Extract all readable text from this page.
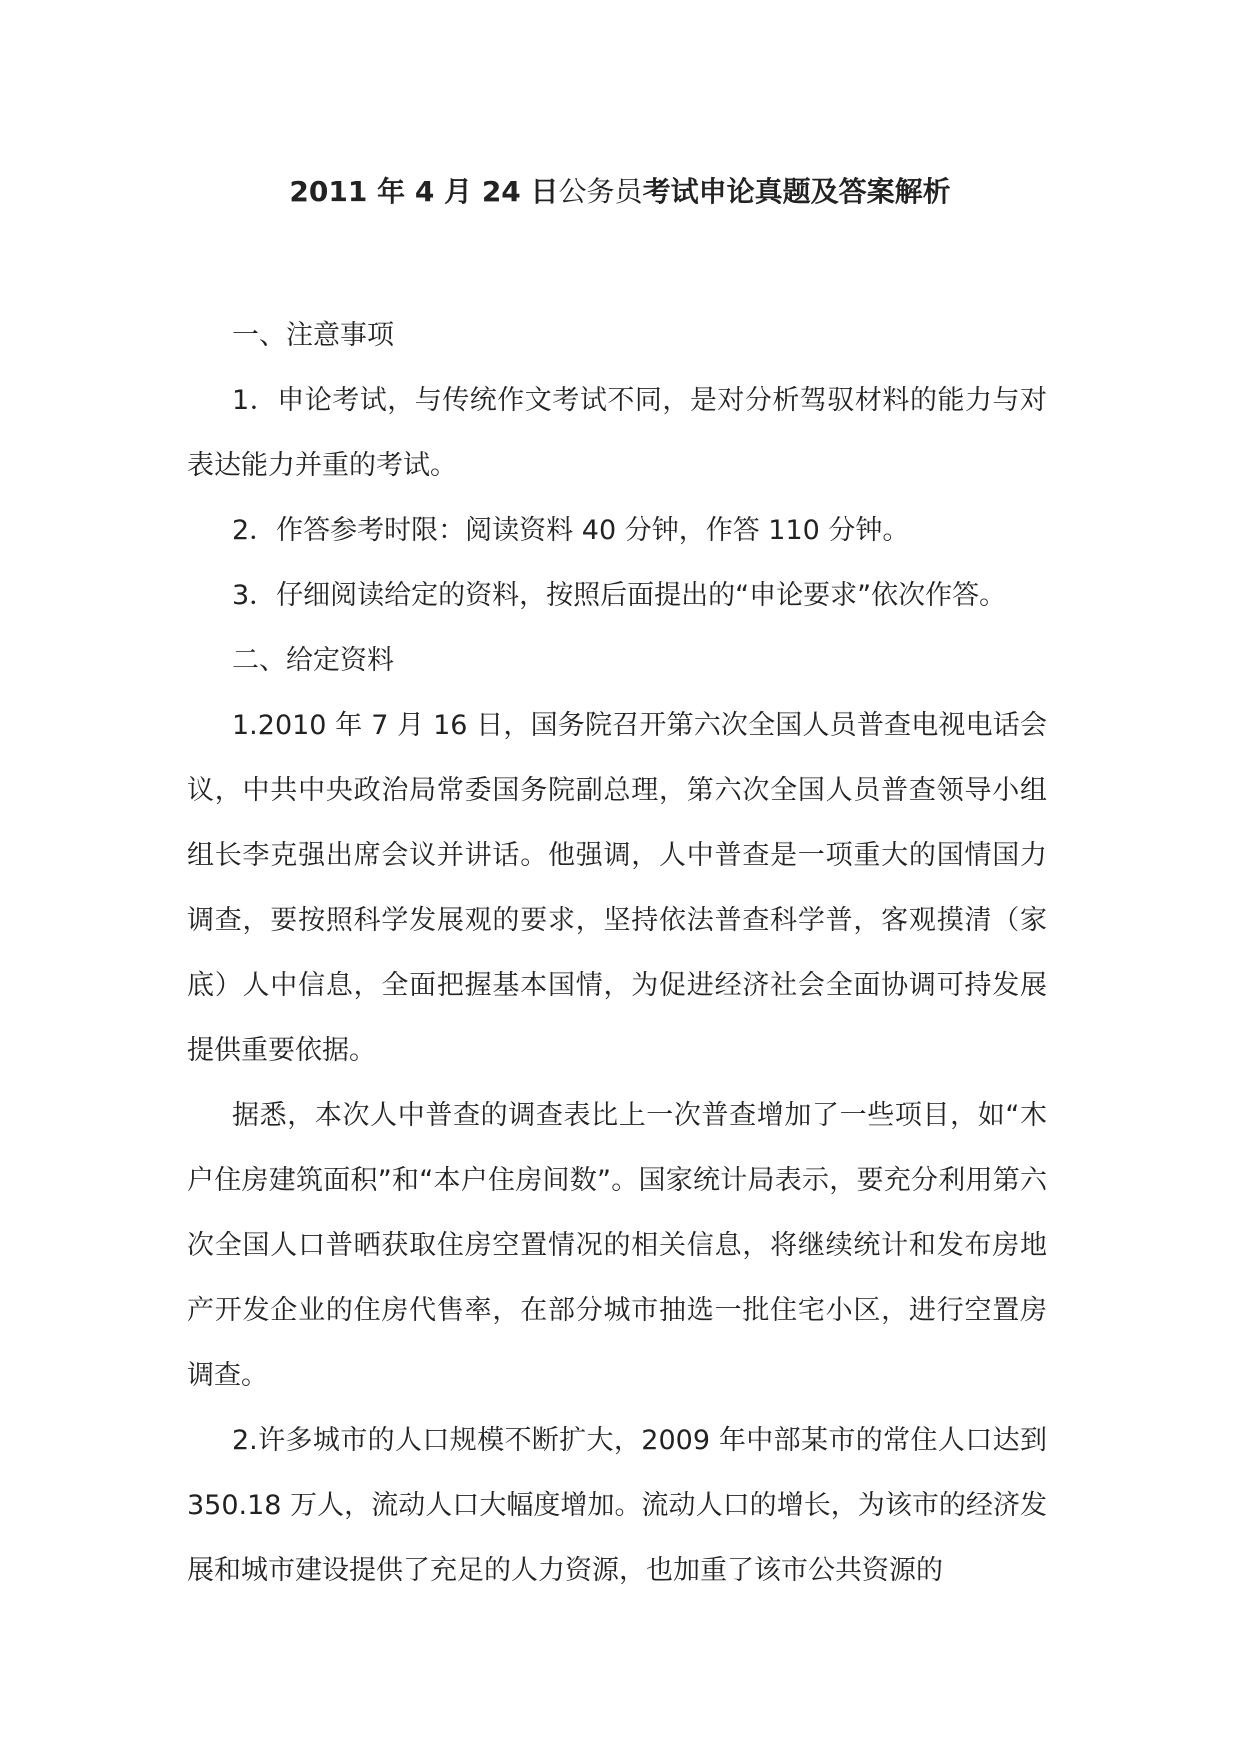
2011 年 4 月 24 日公务员考试申论真题及答案解析

一、注意事项

1．申论考试，与传统作文考试不同，是对分析驾驭材料的能力与对表达能力并重的考试。

2．作答参考时限：阅读资料 40 分钟，作答 110 分钟。

3．仔细阅读给定的资料，按照后面提出的“申论要求”依次作答。

二、给定资料

1.2010 年 7 月 16 日，国务院召开第六次全国人员普查电视电话会议，中共中央政治局常委国务院副总理，第六次全国人员普查领导小组组长李克强出席会议并讲话。他强调，人中普查是一项重大的国情国力调查，要按照科学发展观的要求，坚持依法普查科学普，客观摸清（家底）人中信息，全面把握基本国情，为促进经济社会全面协调可持发展提供重要依据。

据悉，本次人中普查的调查表比上一次普查增加了一些项目，如“木户住房建筑面积”和“本户住房间数”。国家统计局表示，要充分利用第六次全国人口普晒获取住房空置情况的相关信息，将继续统计和发布房地产开发企业的住房代售率，在部分城市抽选一批住宅小区，进行空置房调查。

2.许多城市的人口规模不断扩大，2009 年中部某市的常住人口达到 350.18 万人，流动人口大幅度增加。流动人口的增长，为该市的经济发展和城市建设提供了充足的人力资源，也加重了该市公共资源的
